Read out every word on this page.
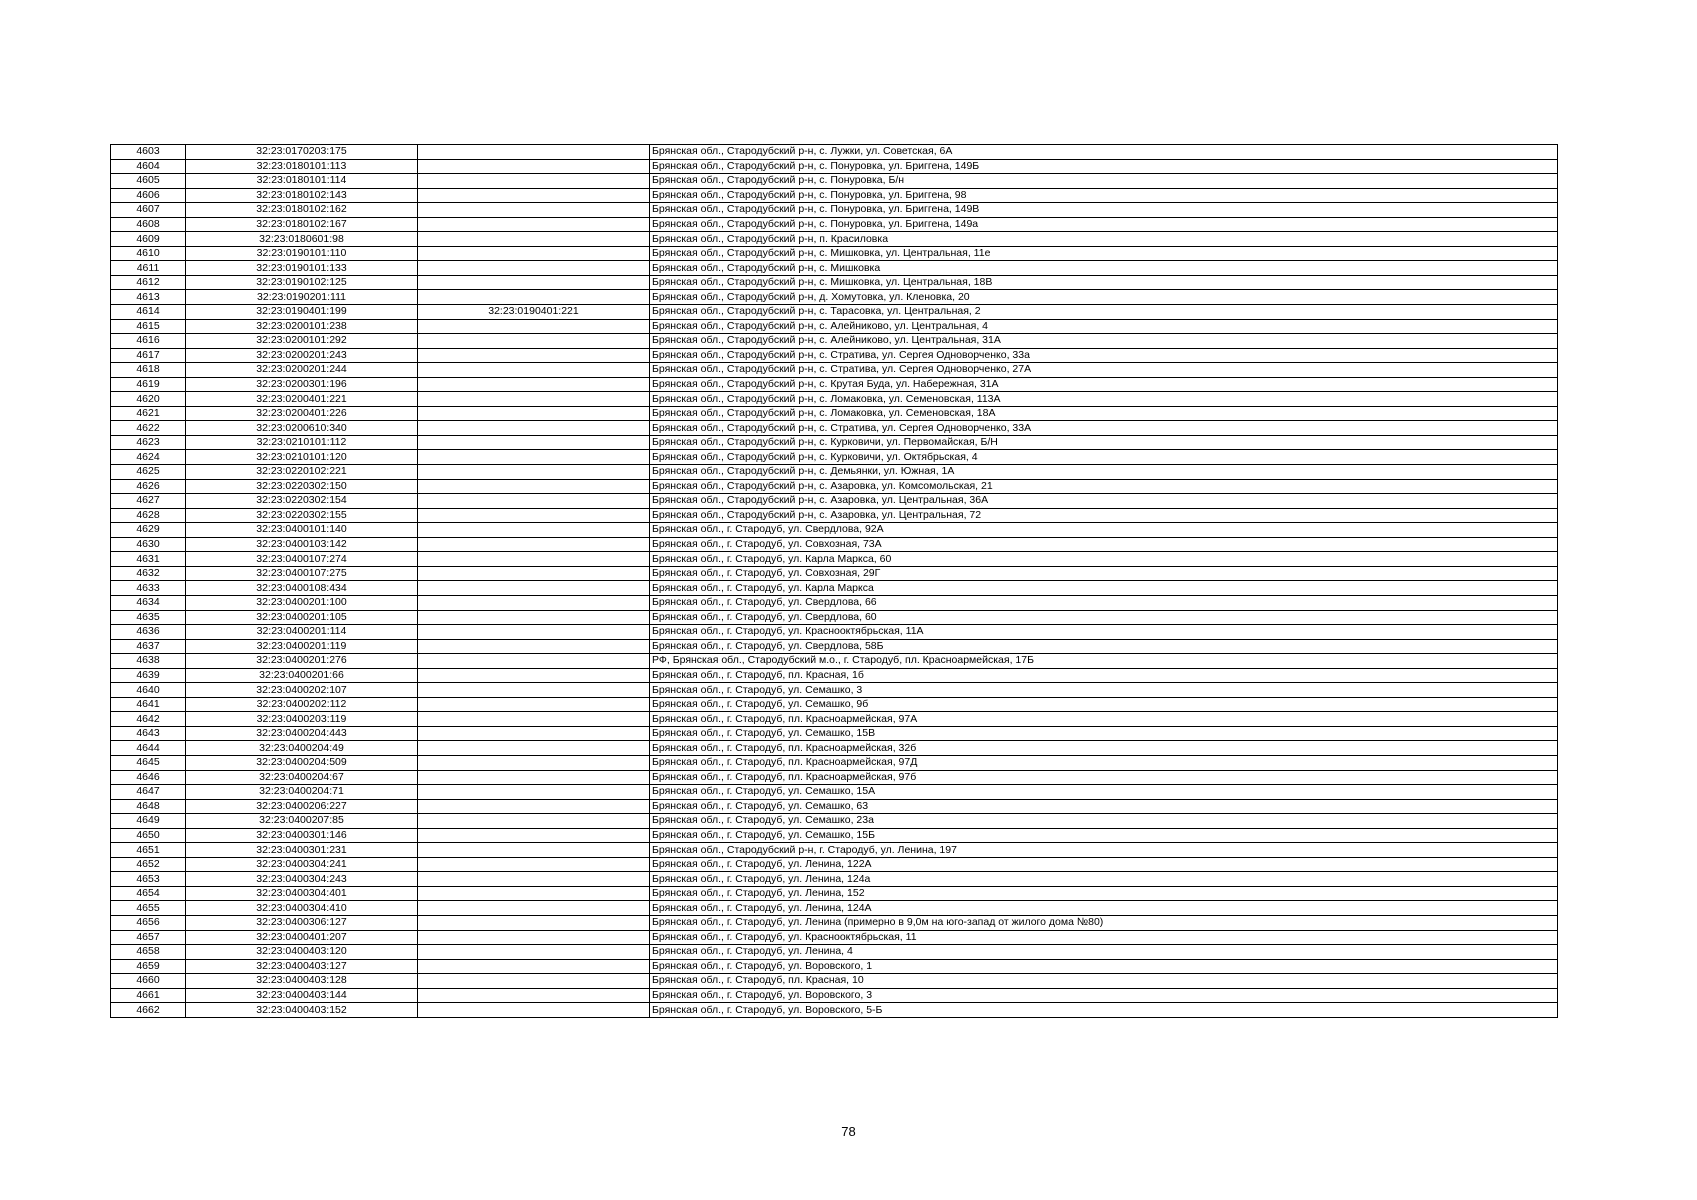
4603	32:23:0170203:175		Брянская обл., Стародубский р-н, с. Лужки, ул. Советская, 6А
4604	32:23:0180101:113		Брянская обл., Стародубский р-н, с. Понуровка, ул. Бриггена, 149Б
4605	32:23:0180101:114		Брянская обл., Стародубский р-н, с. Понуровка, Б/н
4606	32:23:0180102:143		Брянская обл., Стародубский р-н, с. Понуровка, ул. Бриггена, 98
4607	32:23:0180102:162		Брянская обл., Стародубский р-н, с. Понуровка, ул. Бриггена, 149В
4608	32:23:0180102:167		Брянская обл., Стародубский р-н, с. Понуровка, ул. Бриггена, 149а
4609	32:23:0180601:98		Брянская обл., Стародубский р-н, п. Красиловка
4610	32:23:0190101:110		Брянская обл., Стародубский р-н, с. Мишковка, ул. Центральная, 11е
4611	32:23:0190101:133		Брянская обл., Стародубский р-н, с. Мишковка
4612	32:23:0190102:125		Брянская обл., Стародубский р-н, с. Мишковка, ул. Центральная, 18В
4613	32:23:0190201:111		Брянская обл., Стародубский р-н, д. Хомутовка, ул. Кленовка, 20
4614	32:23:0190401:199	32:23:0190401:221	Брянская обл., Стародубский р-н, с. Тарасовка, ул. Центральная, 2
4615	32:23:0200101:238		Брянская обл., Стародубский р-н, с. Алейниково, ул. Центральная, 4
4616	32:23:0200101:292		Брянская обл., Стародубский р-н, с. Алейниково, ул. Центральная, 31А
4617	32:23:0200201:243		Брянская обл., Стародубский р-н, с. Стратива, ул. Сергея Одноворченко, 33а
4618	32:23:0200201:244		Брянская обл., Стародубский р-н, с. Стратива, ул. Сергея Одноворченко, 27А
4619	32:23:0200301:196		Брянская обл., Стародубский р-н, с. Крутая Буда, ул. Набережная, 31А
4620	32:23:0200401:221		Брянская обл., Стародубский р-н, с. Ломаковка, ул. Семеновская, 113А
4621	32:23:0200401:226		Брянская обл., Стародубский р-н, с. Ломаковка, ул. Семеновская, 18А
4622	32:23:0200610:340		Брянская обл., Стародубский р-н, с. Стратива, ул. Сергея Одноворченко, 33А
4623	32:23:0210101:112		Брянская обл., Стародубский р-н, с. Курковичи, ул. Первомайская, Б/Н
4624	32:23:0210101:120		Брянская обл., Стародубский р-н, с. Курковичи, ул. Октябрьская, 4
4625	32:23:0220102:221		Брянская обл., Стародубский р-н, с. Демьянки, ул. Южная, 1А
4626	32:23:0220302:150		Брянская обл., Стародубский р-н, с. Азаровка, ул. Комсомольская, 21
4627	32:23:0220302:154		Брянская обл., Стародубский р-н, с. Азаровка, ул. Центральная, 36А
4628	32:23:0220302:155		Брянская обл., Стародубский р-н, с. Азаровка, ул. Центральная, 72
4629	32:23:0400101:140		Брянская обл., г. Стародуб, ул. Свердлова, 92А
4630	32:23:0400103:142		Брянская обл., г. Стародуб, ул. Совхозная, 73А
4631	32:23:0400107:274		Брянская обл., г. Стародуб, ул. Карла Маркса, 60
4632	32:23:0400107:275		Брянская обл., г. Стародуб, ул. Совхозная, 29Г
4633	32:23:0400108:434		Брянская обл., г. Стародуб, ул. Карла Маркса
4634	32:23:0400201:100		Брянская обл., г. Стародуб, ул. Свердлова, 66
4635	32:23:0400201:105		Брянская обл., г. Стародуб, ул. Свердлова, 60
4636	32:23:0400201:114		Брянская обл., г. Стародуб, ул. Краснооктябрьская, 11А
4637	32:23:0400201:119		Брянская обл., г. Стародуб, ул. Свердлова, 58Б
4638	32:23:0400201:276		РФ, Брянская обл., Стародубский м.о., г. Стародуб, пл. Красноармейская, 17Б
4639	32:23:0400201:66		Брянская обл., г. Стародуб, пл. Красная, 1б
4640	32:23:0400202:107		Брянская обл., г. Стародуб, ул. Семашко, 3
4641	32:23:0400202:112		Брянская обл., г. Стародуб, ул. Семашко, 9б
4642	32:23:0400203:119		Брянская обл., г. Стародуб, пл. Красноармейская, 97А
4643	32:23:0400204:443		Брянская обл., г. Стародуб, ул. Семашко, 15В
4644	32:23:0400204:49		Брянская обл., г. Стародуб, пл. Красноармейская, 32б
4645	32:23:0400204:509		Брянская обл., г. Стародуб, пл. Красноармейская, 97Д
4646	32:23:0400204:67		Брянская обл., г. Стародуб, пл. Красноармейская, 97б
4647	32:23:0400204:71		Брянская обл., г. Стародуб, ул. Семашко, 15А
4648	32:23:0400206:227		Брянская обл., г. Стародуб, ул. Семашко, 63
4649	32:23:0400207:85		Брянская обл., г. Стародуб, ул. Семашко, 23а
4650	32:23:0400301:146		Брянская обл., г. Стародуб, ул. Семашко, 15Б
4651	32:23:0400301:231		Брянская обл., Стародубский р-н, г. Стародуб, ул. Ленина, 197
4652	32:23:0400304:241		Брянская обл., г. Стародуб, ул. Ленина, 122А
4653	32:23:0400304:243		Брянская обл., г. Стародуб, ул. Ленина, 124а
4654	32:23:0400304:401		Брянская обл., г. Стародуб, ул. Ленина, 152
4655	32:23:0400304:410		Брянская обл., г. Стародуб, ул. Ленина, 124А
4656	32:23:0400306:127		Брянская обл., г. Стародуб, ул. Ленина (примерно в 9,0м на юго-запад от жилого дома №80)
4657	32:23:0400401:207		Брянская обл., г. Стародуб, ул. Краснооктябрьская, 11
4658	32:23:0400403:120		Брянская обл., г. Стародуб, ул. Ленина, 4
4659	32:23:0400403:127		Брянская обл., г. Стародуб, ул. Воровского, 1
4660	32:23:0400403:128		Брянская обл., г. Стародуб, пл. Красная, 10
4661	32:23:0400403:144		Брянская обл., г. Стародуб, ул. Воровского, 3
4662	32:23:0400403:152		Брянская обл., г. Стародуб, ул. Воровского, 5-Б
78
